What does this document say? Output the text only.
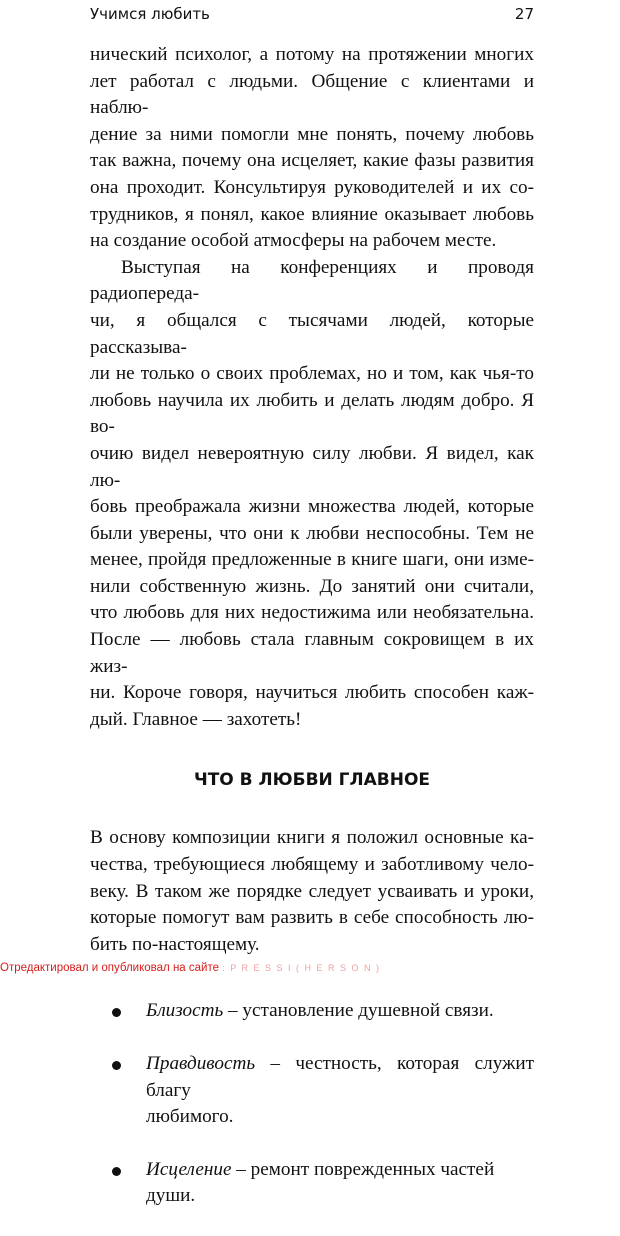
Учимся любить	27
нический психолог, а потому на протяжении многих
лет работал с людьми. Общение с клиентами и наблю-
дение за ними помогли мне понять, почему любовь
так важна, почему она исцеляет, какие фазы развития
она проходит. Консультируя руководителей и их со-
трудников, я понял, какое влияние оказывает любовь
на создание особой атмосферы на рабочем месте.
Выступая на конференциях и проводя радиопереда-
чи, я общался с тысячами людей, которые рассказыва-
ли не только о своих проблемах, но и том, как чья-то
любовь научила их любить и делать людям добро. Я во-
очию видел невероятную силу любви. Я видел, как лю-
бовь преображала жизни множества людей, которые
были уверены, что они к любви неспособны. Тем не
менее, пройдя предложенные в книге шаги, они изме-
нили собственную жизнь. До занятий они считали,
что любовь для них недостижима или необязательна.
После — любовь стала главным сокровищем в их жиз-
ни. Короче говоря, научиться любить способен каж-
дый. Главное — захотеть!
ЧТО В ЛЮБВИ ГЛАВНОЕ
В основу композиции книги я положил основные ка-
чества, требующиеся любящему и заботливому чело-
веку. В таком же порядке следует усваивать и уроки,
которые помогут вам развить в себе способность лю-
бить по-настоящему.
Близость – установление душевной связи.
Правдивость – честность, которая служит благу
любимого.
Исцеление – ремонт поврежденных частей души.
Отредактировал и опубликовал на сайте : P R E S S I ( H E R S O N )
